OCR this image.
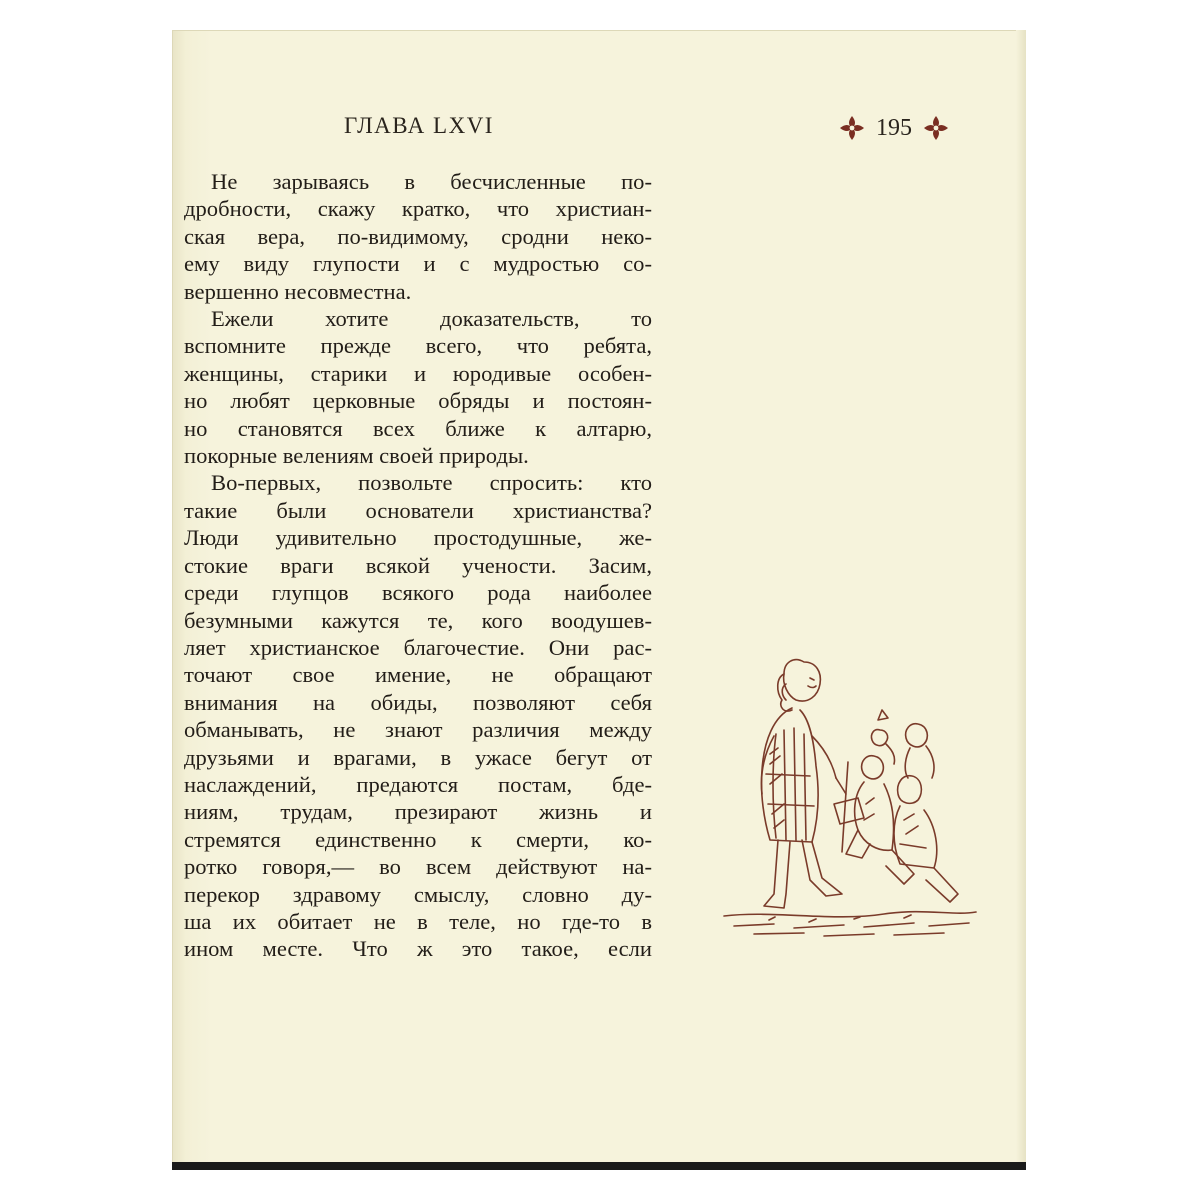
ГЛАВА LXVI	195
Не зарываясь в бесчисленные по-
дробности, скажу кратко, что христиан-
ская вера, по-видимому, сродни неко-
ему виду глупости и с мудростью со-
вершенно несовместна.
Ежели хотите доказательств, то
вспомните прежде всего, что ребята,
женщины, старики и юродивые особен-
но любят церковные обряды и постоян-
но становятся всех ближе к алтарю,
покорные велениям своей природы.
Во-первых, позвольте спросить: кто
такие были основатели христианства?
Люди удивительно простодушные, же-
стокие враги всякой учености. Засим,
среди глупцов всякого рода наиболее
безумными кажутся те, кого воодушев-
ляет христианское благочестие. Они рас-
точают свое имение, не обращают
внимания на обиды, позволяют себя
обманывать, не знают различия между
друзьями и врагами, в ужасе бегут от
наслаждений, предаются постам, бде-
ниям, трудам, презирают жизнь и
стремятся единственно к смерти, ко-
ротко говоря,— во всем действуют на-
перекор здравому смыслу, словно ду-
ша их обитает не в теле, но где-то в
ином месте. Что ж это такое, если
